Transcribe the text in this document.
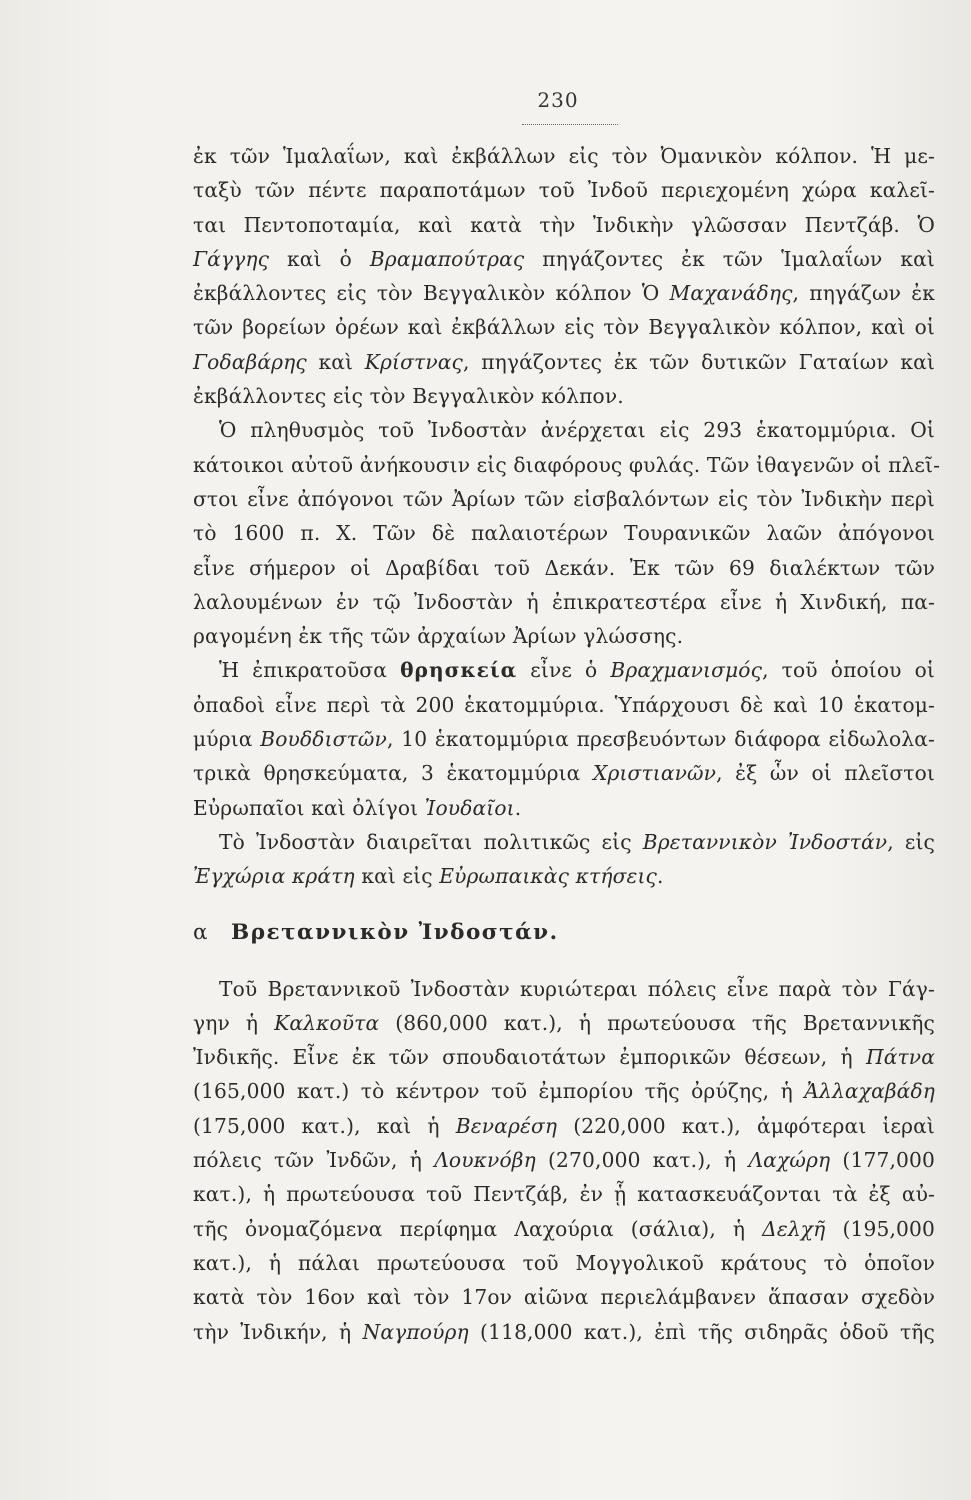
230
ἐκ τῶν Ἱμαλαΐων, καὶ ἐκβάλλων εἰς τὸν Ὀμανικὸν κόλπον. Ἡ με-
ταξὺ τῶν πέντε παραποτάμων τοῦ Ἰνδοῦ περιεχομένη χώρα καλεῖ-
ται Πεντοποταμία, καὶ κατὰ τὴν Ἰνδικὴν γλῶσσαν Πεντζάβ. Ὁ
Γάγγης καὶ ὁ Βραμαπούτρας πηγάζοντες ἐκ τῶν Ἱμαλαΐων καὶ
ἐκβάλλοντες εἰς τὸν Βεγγαλικὸν κόλπον Ὁ Μαχανάδης, πηγάζων ἐκ
τῶν βορείων ὀρέων καὶ ἐκβάλλων εἰς τὸν Βεγγαλικὸν κόλπον, καὶ οἱ
Γοδαβάρης καὶ Κρίστνας, πηγάζοντες ἐκ τῶν δυτικῶν Γαταίων καὶ
ἐκβάλλοντες εἰς τὸν Βεγγαλικὸν κόλπον.
Ὁ πληθυσμὸς τοῦ Ἰνδοστὰν ἀνέρχεται εἰς 293 ἑκατομμύρια. Οἱ
κάτοικοι αὐτοῦ ἀνήκουσιν εἰς διαφόρους φυλάς. Τῶν ἰθαγενῶν οἱ πλεῖ-
στοι εἶνε ἀπόγονοι τῶν Ἀρίων τῶν εἰσβαλόντων εἰς τὸν Ἰνδικὴν περὶ
τὸ 1600 π. Χ. Τῶν δὲ παλαιοτέρων Τουρανικῶν λαῶν ἀπόγονοι
εἶνε σήμερον οἱ Δραβίδαι τοῦ Δεκάν. Ἐκ τῶν 69 διαλέκτων τῶν
λαλουμένων ἐν τῷ Ἰνδοστὰν ἡ ἐπικρατεστέρα εἶνε ἡ Χινδική, πα-
ραγομένη ἐκ τῆς τῶν ἀρχαίων Ἀρίων γλώσσης.
Ἡ ἐπικρατοῦσα θρησκεία εἶνε ὁ Βραχμανισμός, τοῦ ὁποίου οἱ
ὀπαδοὶ εἶνε περὶ τὰ 200 ἑκατομμύρια. Ὑπάρχουσι δὲ καὶ 10 ἑκατομ-
μύρια Βουδδιστῶν, 10 ἑκατομμύρια πρεσβευόντων διάφορα εἰδωλολα-
τρικὰ θρησκεύματα, 3 ἑκατομμύρια Χριστιανῶν, ἐξ ὧν οἱ πλεῖστοι
Εὐρωπαῖοι καὶ ὀλίγοι Ἰουδαῖοι.
Τὸ Ἰνδοστὰν διαιρεῖται πολιτικῶς εἰς Βρεταννικὸν Ἰνδοστάν, εἰς
Ἐγχώρια κράτη καὶ εἰς Εὐρωπαικὰς κτήσεις.
α Βρεταννικὸν Ἰνδοστάν.
Τοῦ Βρεταννικοῦ Ἰνδοστὰν κυριώτεραι πόλεις εἶνε παρὰ τὸν Γάγ-
γην ἡ Καλκοῦτα (860,000 κατ.), ἡ πρωτεύουσα τῆς Βρεταννικῆς
Ἰνδικῆς. Εἶνε ἐκ τῶν σπουδαιοτάτων ἐμπορικῶν θέσεων, ἡ Πάτνα
(165,000 κατ.) τὸ κέντρον τοῦ ἐμπορίου τῆς ὀρύζης, ἡ Ἀλλαχαβάδη
(175,000 κατ.), καὶ ἡ Βεναρέση (220,000 κατ.), ἀμφότεραι ἱεραὶ
πόλεις τῶν Ἰνδῶν, ἡ Λουκνόβη (270,000 κατ.), ἡ Λαχώρη (177,000
κατ.), ἡ πρωτεύουσα τοῦ Πεντζάβ, ἐν ᾗ κατασκευάζονται τὰ ἐξ αὐ-
τῆς ὀνομαζόμενα περίφημα Λαχούρια (σάλια), ἡ Δελχῆ (195,000
κατ.), ἡ πάλαι πρωτεύουσα τοῦ Μογγολικοῦ κράτους τὸ ὁποῖον
κατὰ τὸν 16ον καὶ τὸν 17ον αἰῶνα περιελάμβανεν ἅπασαν σχεδὸν
τὴν Ἰνδικήν, ἡ Ναγπούρη (118,000 κατ.), ἐπὶ τῆς σιδηρᾶς ὁδοῦ τῆς
